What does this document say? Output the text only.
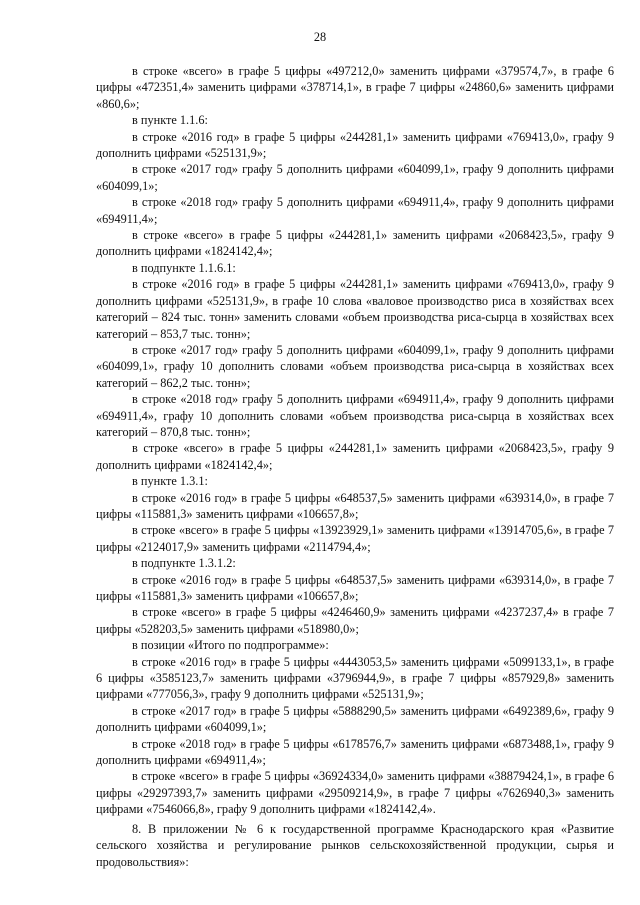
28

в строке «всего» в графе 5 цифры «497212,0» заменить цифрами «379574,7», в графе 6 цифры «472351,4» заменить цифрами «378714,1», в графе 7 цифры «24860,6» заменить цифрами «860,6»;

в пункте 1.1.6:

в строке «2016 год» в графе 5 цифры «244281,1» заменить цифрами «769413,0», графу 9 дополнить цифрами «525131,9»;

в строке «2017 год» графу 5 дополнить цифрами «604099,1», графу 9 дополнить цифрами «604099,1»;

в строке «2018 год» графу 5 дополнить цифрами «694911,4», графу 9 дополнить цифрами «694911,4»;

в строке «всего» в графе 5 цифры «244281,1» заменить цифрами «2068423,5», графу 9 дополнить цифрами «1824142,4»;

в подпункте 1.1.6.1:

в строке «2016 год» в графе 5 цифры «244281,1» заменить цифрами «769413,0», графу 9 дополнить цифрами «525131,9», в графе 10 слова «валовое производство риса в хозяйствах всех категорий – 824 тыс. тонн» заменить словами «объем производства риса-сырца в хозяйствах всех категорий – 853,7 тыс. тонн»;

в строке «2017 год» графу 5 дополнить цифрами «604099,1», графу 9 дополнить цифрами «604099,1», графу 10 дополнить словами «объем производства риса-сырца в хозяйствах всех категорий – 862,2 тыс. тонн»;

в строке «2018 год» графу 5 дополнить цифрами «694911,4», графу 9 дополнить цифрами «694911,4», графу 10 дополнить словами «объем производства риса-сырца в хозяйствах всех категорий – 870,8 тыс. тонн»;

в строке «всего» в графе 5 цифры «244281,1» заменить цифрами «2068423,5», графу 9 дополнить цифрами «1824142,4»;

в пункте 1.3.1:

в строке «2016 год» в графе 5 цифры «648537,5» заменить цифрами «639314,0», в графе 7 цифры «115881,3» заменить цифрами «106657,8»;

в строке «всего» в графе 5 цифры «13923929,1» заменить цифрами «13914705,6», в графе 7 цифры «2124017,9» заменить цифрами «2114794,4»;

в подпункте 1.3.1.2:

в строке «2016 год» в графе 5 цифры «648537,5» заменить цифрами «639314,0», в графе 7 цифры «115881,3» заменить цифрами «106657,8»;

в строке «всего» в графе 5 цифры «4246460,9» заменить цифрами «4237237,4» в графе 7 цифры «528203,5» заменить цифрами «518980,0»;

в позиции «Итого по подпрограмме»:

в строке «2016 год» в графе 5 цифры «4443053,5» заменить цифрами «5099133,1», в графе 6 цифры «3585123,7» заменить цифрами «3796944,9», в графе 7 цифры «857929,8» заменить цифрами «777056,3», графу 9 дополнить цифрами «525131,9»;

в строке «2017 год» в графе 5 цифры «5888290,5» заменить цифрами «6492389,6», графу 9 дополнить цифрами «604099,1»;

в строке «2018 год» в графе 5 цифры «6178576,7» заменить цифрами «6873488,1», графу 9 дополнить цифрами «694911,4»;

в строке «всего» в графе 5 цифры «36924334,0» заменить цифрами «38879424,1», в графе 6 цифры «29297393,7» заменить цифрами «29509214,9», в графе 7 цифры «7626940,3» заменить цифрами «7546066,8», графу 9 дополнить цифрами «1824142,4».

8. В приложении № 6 к государственной программе Краснодарского края «Развитие сельского хозяйства и регулирование рынков сельскохозяйственной продукции, сырья и продовольствия»:
